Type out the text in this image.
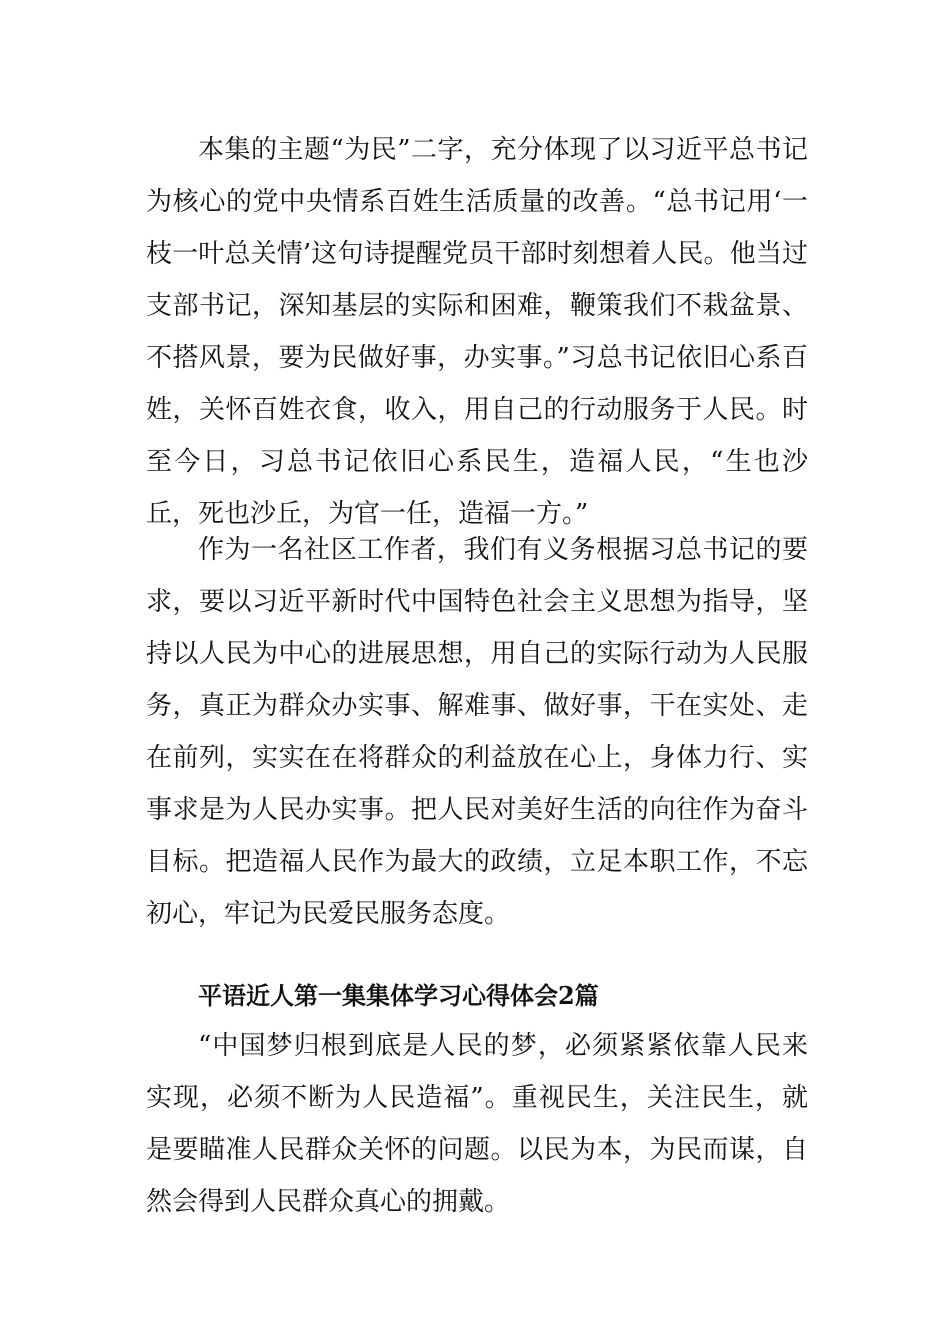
本集的主题“为民”二字，充分体现了以习近平总书记为核心的党中央情系百姓生活质量的改善。“总书记用‘一枝一叶总关情’这句诗提醒党员干部时刻想着人民。他当过支部书记，深知基层的实际和困难，鞭策我们不栽盆景、不搭风景，要为民做好事，办实事。”习总书记依旧心系百姓，关怀百姓衣食，收入，用自己的行动服务于人民。时至今日，习总书记依旧心系民生，造福人民，“生也沙丘，死也沙丘，为官一任，造福一方。”

作为一名社区工作者，我们有义务根据习总书记的要求，要以习近平新时代中国特色社会主义思想为指导，坚持以人民为中心的进展思想，用自己的实际行动为人民服务，真正为群众办实事、解难事、做好事，干在实处、走在前列，实实在在将群众的利益放在心上，身体力行、实事求是为人民办实事。把人民对美好生活的向往作为奋斗目标。把造福人民作为最大的政绩，立足本职工作，不忘初心，牢记为民爱民服务态度。

平语近人第一集集体学习心得体会2篇

“中国梦归根到底是人民的梦，必须紧紧依靠人民来实现，必须不断为人民造福”。重视民生，关注民生，就是要瞄准人民群众关怀的问题。以民为本，为民而谋，自然会得到人民群众真心的拥戴。
